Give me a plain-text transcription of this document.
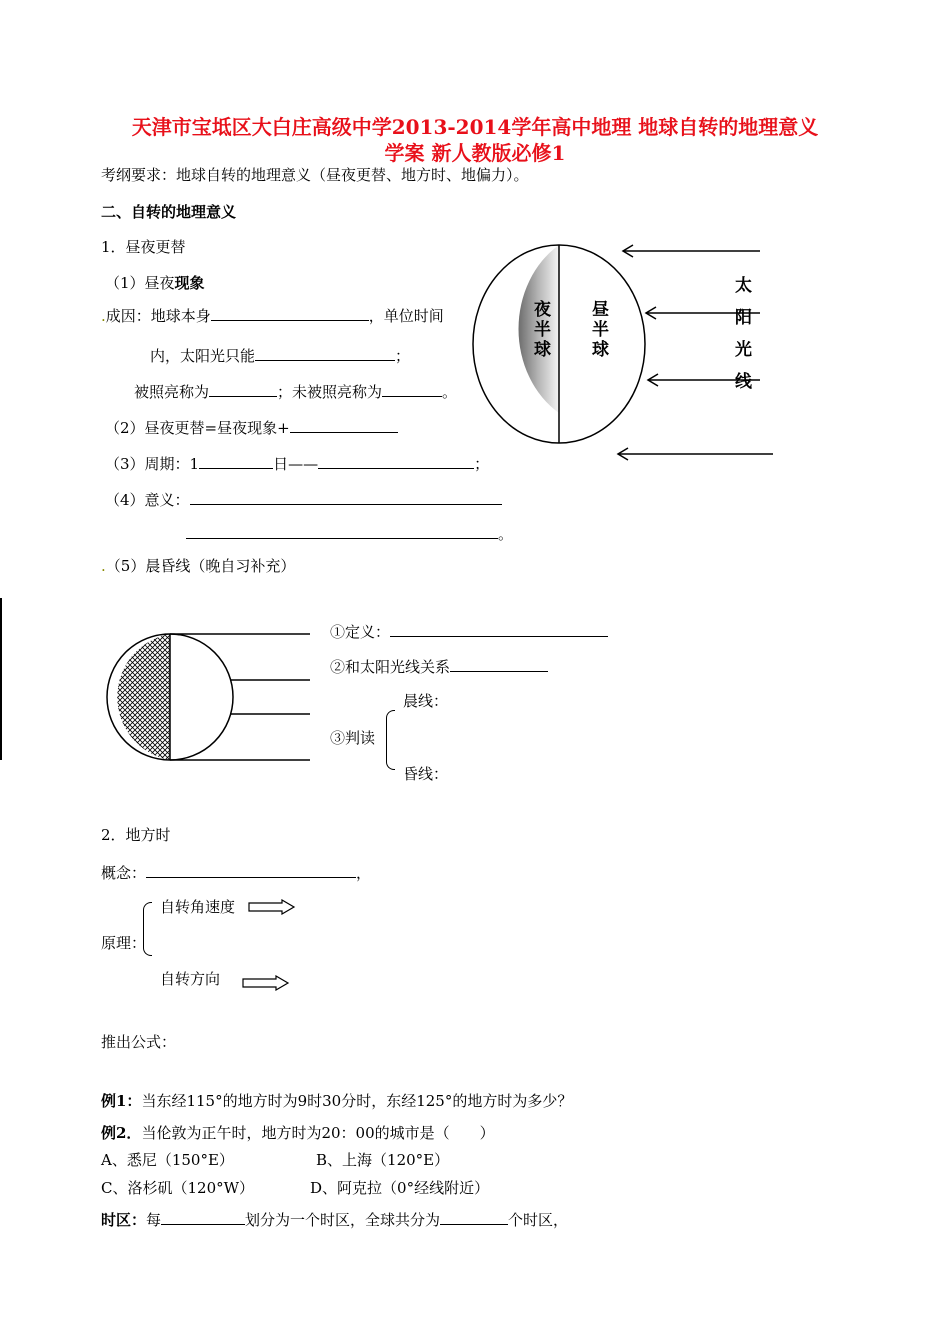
天津市宝坻区大白庄高级中学2013-2014学年高中地理 地球自转的地理意义
学案 新人教版必修1
考纲要求：地球自转的地理意义（昼夜更替、地方时、地偏力）。
二、自转的地理意义
1．昼夜更替
（1）昼夜现象
.成因：地球本身	，单位时间
内，太阳光只能	；
被照亮称为	；未被照亮称为	。
（2）昼夜更替=昼夜现象+
（3）周期：1	日——	；
（4）意义：
。
.（5）晨昏线（晚自习补充）
夜半球
昼半球
太阳光线
①定义：
②和太阳光线关系
③判读
晨线：
昏线：
2．地方时
概念：	，
原理：
自转角速度
自转方向
推出公式：
例1：当东经115°的地方时为9时30分时，东经125°的地方时为多少？
例2．当伦敦为正午时，地方时为20：00的城市是（　　）
A、悉尼（150°E）	B、上海（120°E）
C、洛杉矶（120°W）	D、阿克拉（0°经线附近）
时区：每	划分为一个时区，全球共分为	个时区，
